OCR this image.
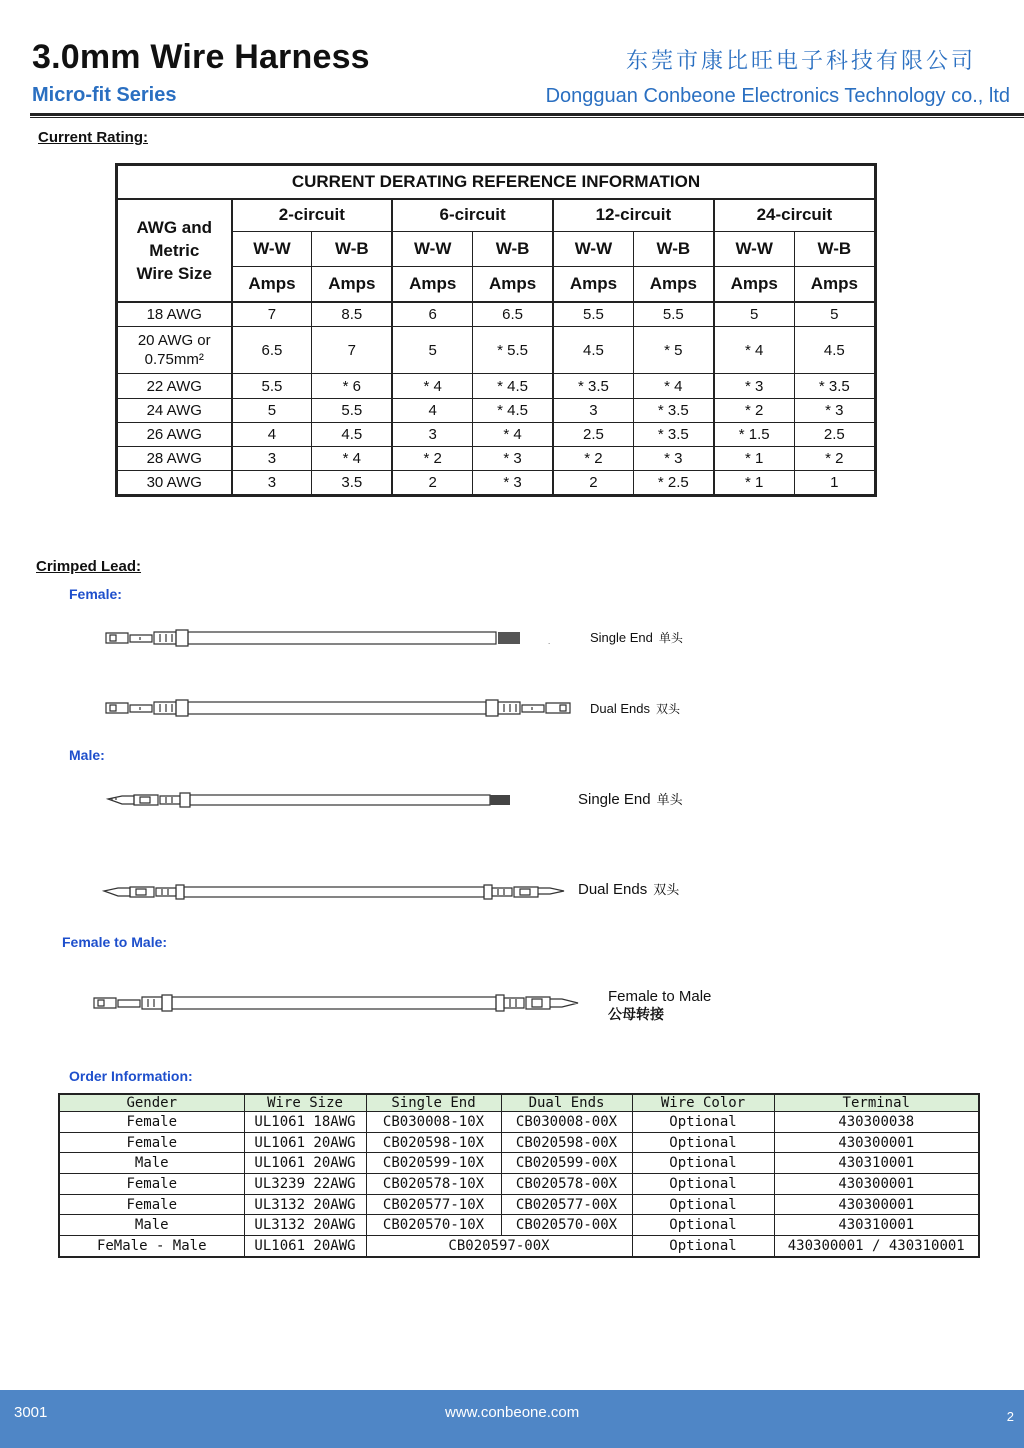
3.0mm Wire Harness
Micro-fit Series
东莞市康比旺电子科技有限公司
Dongguan Conbeone Electronics Technology co., ltd
Current Rating:
CURRENT DERATING REFERENCE INFORMATION								

AWG and
Metric
Wire Size	2-circuit		6-circuit		12-circuit		24-circuit	
	W-W	W-B	W-W	W-B	W-W	W-B	W-W	W-B
	Amps	Amps	Amps	Amps	Amps	Amps	Amps	Amps

18 AWG	7	8.5	6	6.5	5.5	5.5	5	5

20 AWG or
0.75mm²	6.5	7	5	* 5.5	4.5	* 5	* 4	4.5

22 AWG	5.5	* 6	* 4	* 4.5	* 3.5	* 4	* 3	* 3.5

24 AWG	5	5.5	4	* 4.5	3	* 3.5	* 2	* 3

26 AWG	4	4.5	3	* 4	2.5	* 3.5	* 1.5	2.5

28 AWG	3	* 4	* 2	* 3	* 2	* 3	* 1	* 2

30 AWG	3	3.5	2	* 3	2	* 2.5	* 1	1
Crimped Lead:
Female:
.	Single End 单头
Dual Ends 双头
Male:
Single End 单头
Dual Ends 双头
Female to Male:
Female to Male
公母转接
Order Information:
Gender	Wire Size	Single End	Dual Ends	Wire Color	Terminal
Female	UL1061 18AWG	CB030008-10X	CB030008-00X	Optional	430300038
Female	UL1061 20AWG	CB020598-10X	CB020598-00X	Optional	430300001
Male	UL1061 20AWG	CB020599-10X	CB020599-00X	Optional	430310001
Female	UL3239 22AWG	CB020578-10X	CB020578-00X	Optional	430300001
Female	UL3132 20AWG	CB020577-10X	CB020577-00X	Optional	430300001
Male	UL3132 20AWG	CB020570-10X	CB020570-00X	Optional	430310001
FeMale - Male	UL1061 20AWG	CB020597-00X		Optional	430300001 / 430310001
3001	www.conbeone.com	2
